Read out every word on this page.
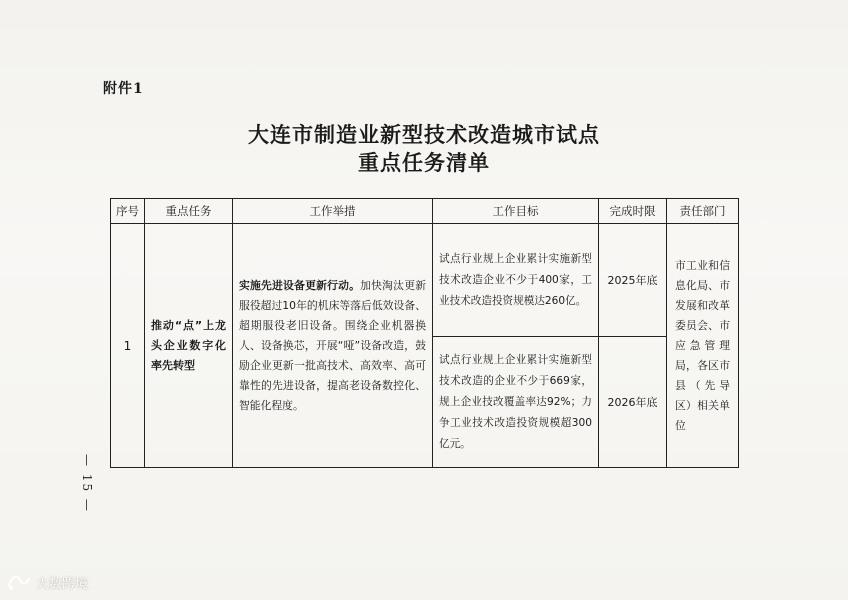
附件1
大连市制造业新型技术改造城市试点
重点任务清单
序号	重点任务	工作举措	工作目标	完成时限	责任部门
1	推动“点”上龙头企业数字化率先转型	实施先进设备更新行动。加快淘汰更新服役超过10年的机床等落后低效设备、超期服役老旧设备。围绕企业机器换人、设备换芯，开展“哑”设备改造，鼓励企业更新一批高技术、高效率、高可靠性的先进设备，提高老设备数控化、智能化程度。	试点行业规上企业累计实施新型技术改造企业不少于400家，工业技术改造投资规模达260亿。	2025年底	市工业和信息化局、市发展和改革委员会、市应急管理局，各区市县（先导区）相关单位
			试点行业规上企业累计实施新型技术改造的企业不少于669家，规上企业技改覆盖率达92%；力争工业技术改造投资规模超300亿元。	2026年底	
— 15 —
大数跨境
